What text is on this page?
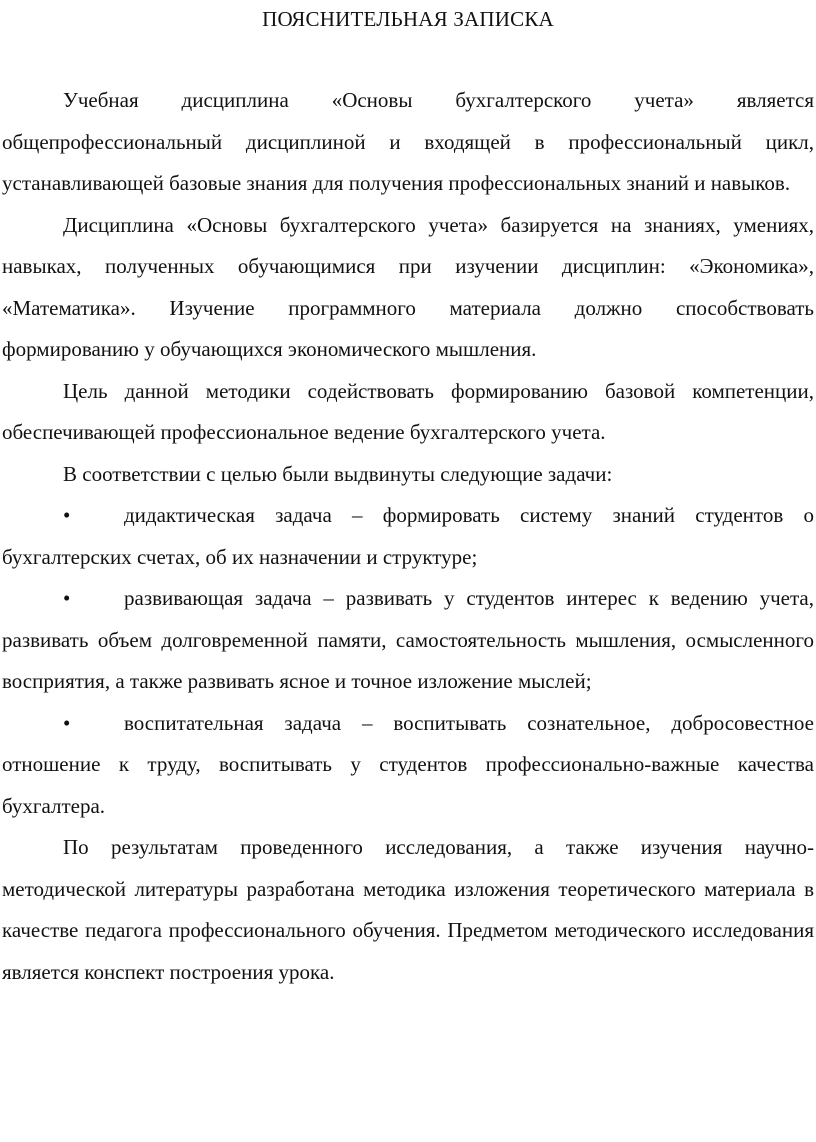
ПОЯСНИТЕЛЬНАЯ ЗАПИСКА

Учебная дисциплина «Основы бухгалтерского учета» является общепрофессиональный дисциплиной и входящей в профессиональный цикл, устанавливающей базовые знания для получения профессиональных знаний и навыков.

Дисциплина «Основы бухгалтерского учета» базируется на знаниях, умениях, навыках, полученных обучающимися при изучении дисциплин: «Экономика», «Математика». Изучение программного материала должно способствовать формированию у обучающихся экономического мышления.

Цель данной методики содействовать формированию базовой компетенции, обеспечивающей профессиональное ведение бухгалтерского учета.

В соответствии с целью были выдвинуты следующие задачи:

•	дидактическая задача – формировать систему знаний студентов о бухгалтерских счетах, об их назначении и структуре;

•	развивающая задача – развивать у студентов интерес к ведению учета, развивать объем долговременной памяти, самостоятельность мышления, осмысленного восприятия, а также развивать ясное и точное изложение мыслей;

•	воспитательная задача – воспитывать сознательное, добросовестное отношение к труду, воспитывать у студентов профессионально-важные качества бухгалтера.

По результатам проведенного исследования, а также изучения научно-методической литературы разработана методика изложения теоретического материала в качестве педагога профессионального обучения. Предметом методического исследования является конспект построения урока.
